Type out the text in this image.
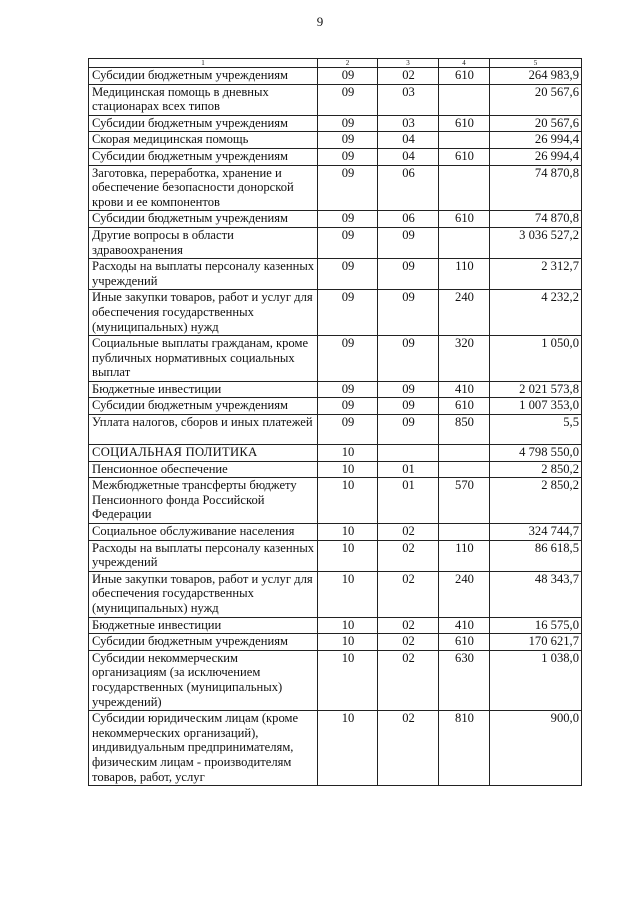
9
1	2	3	4	5
Субсидии бюджетным учреждениям	09	02	610	264 983,9
Медицинская помощь в дневных стационарах всех типов	09	03		20 567,6
Субсидии бюджетным учреждениям	09	03	610	20 567,6
Скорая медицинская помощь	09	04		26 994,4
Субсидии бюджетным учреждениям	09	04	610	26 994,4
Заготовка, переработка, хранение и обеспечение безопасности донорской крови и ее компонентов	09	06		74 870,8
Субсидии бюджетным учреждениям	09	06	610	74 870,8
Другие вопросы в области здравоохранения	09	09		3 036 527,2
Расходы на выплаты персоналу казенных учреждений	09	09	110	2 312,7
Иные закупки товаров, работ и услуг для обеспечения государственных (муниципальных) нужд	09	09	240	4 232,2
Социальные выплаты гражданам, кроме публичных нормативных социальных выплат	09	09	320	1 050,0
Бюджетные инвестиции	09	09	410	2 021 573,8
Субсидии бюджетным учреждениям	09	09	610	1 007 353,0
Уплата налогов, сборов и иных платежей	09	09	850	5,5
СОЦИАЛЬНАЯ ПОЛИТИКА	10			4 798 550,0
Пенсионное обеспечение	10	01		2 850,2
Межбюджетные трансферты бюджету Пенсионного фонда Российской Федерации	10	01	570	2 850,2
Социальное обслуживание населения	10	02		324 744,7
Расходы на выплаты персоналу казенных учреждений	10	02	110	86 618,5
Иные закупки товаров, работ и услуг для обеспечения государственных (муниципальных) нужд	10	02	240	48 343,7
Бюджетные инвестиции	10	02	410	16 575,0
Субсидии бюджетным учреждениям	10	02	610	170 621,7
Субсидии некоммерческим организациям (за исключением государственных (муниципальных) учреждений)	10	02	630	1 038,0
Субсидии юридическим лицам (кроме некоммерческих организаций), индивидуальным предпринимателям, физическим лицам - производителям товаров, работ, услуг	10	02	810	900,0
